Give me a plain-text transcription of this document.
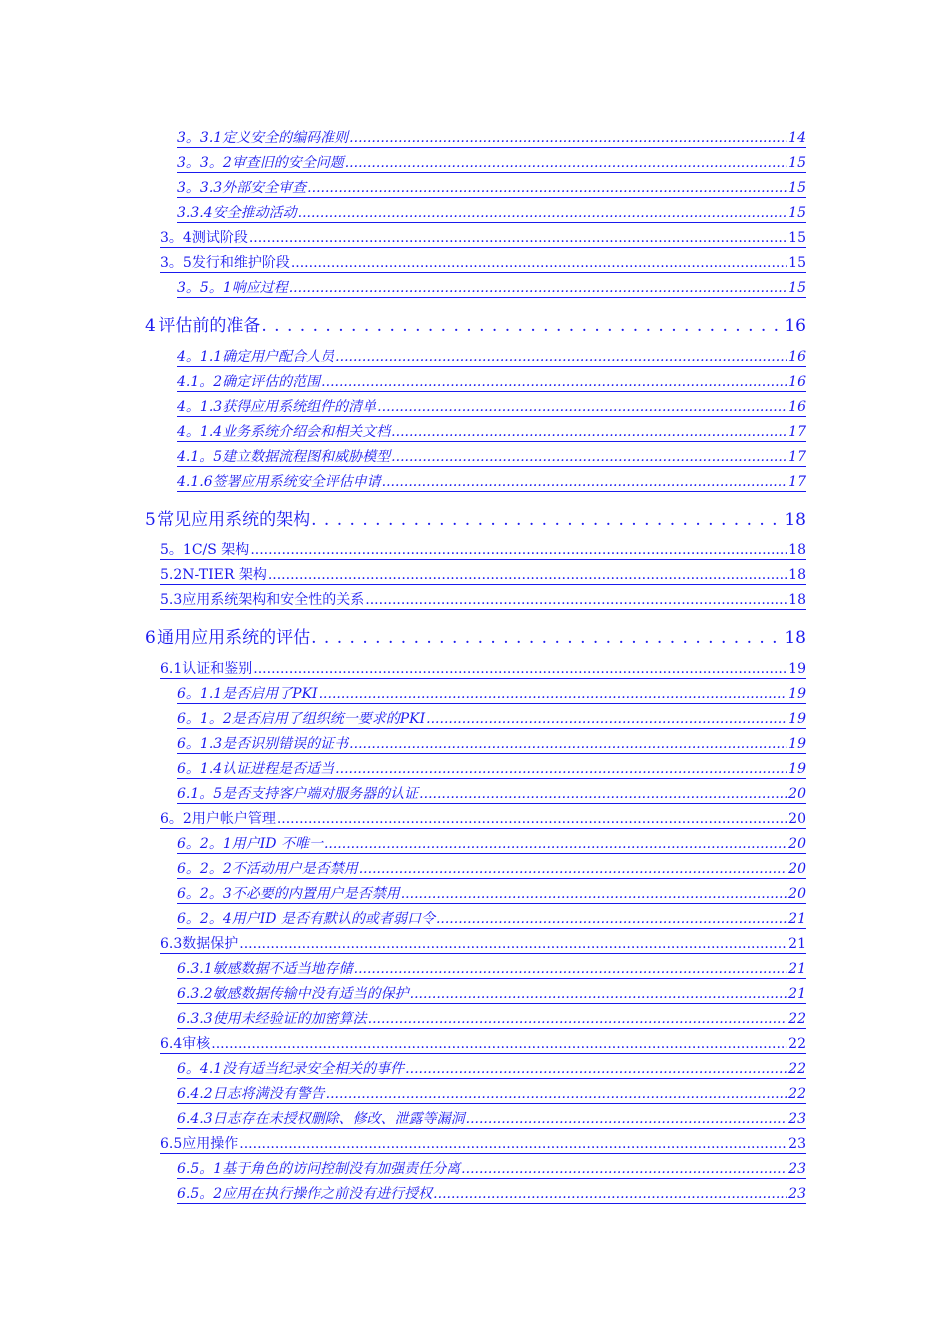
3。3.1 定义安全的编码准则 .....	14
3。3。2 审查旧的安全问题 .....	15
3。3.3 外部安全审查 .....	15
3.3.4 安全推动活动 .....	15
3。4 测试阶段 .....	15
3。5 发行和维护阶段 .....	15
3。5。1 响应过程 .....	15
4 评估前的准备 . . .	16
4。1.1 确定用户配合人员 .....	16
4.1。2 确定评估的范围 .....	16
4。1.3 获得应用系统组件的清单 .....	16
4。1.4 业务系统介绍会和相关文档 .....	17
4.1。5 建立数据流程图和威胁模型 .....	17
4.1.6 签署应用系统安全评估申请 .....	17
5 常见应用系统的架构 . . .	18
5。1 C/S 架构 .....	18
5.2 N-TIER 架构 .....	18
5.3 应用系统架构和安全性的关系 .....	18
6 通用应用系统的评估 . . .	18
6.1 认证和鉴别 .....	19
6。1.1 是否启用了PKI .....	19
6。1。2 是否启用了组织统一要求的PKI .....	19
6。1.3 是否识别错误的证书 .....	19
6。1.4 认证进程是否适当 .....	19
6.1。5 是否支持客户端对服务器的认证 .....	20
6。2 用户帐户管理 .....	20
6。2。1 用户ID 不唯一 .....	20
6。2。2 不活动用户是否禁用 .....	20
6。2。3 不必要的内置用户是否禁用 .....	20
6。2。4 用户ID 是否有默认的或者弱口令 .....	21
6.3 数据保护 .....	21
6.3.1 敏感数据不适当地存储 .....	21
6.3.2 敏感数据传输中没有适当的保护 .....	21
6.3.3 使用未经验证的加密算法 .....	22
6.4 审核 .....	22
6。4.1 没有适当纪录安全相关的事件 .....	22
6.4.2 日志将满没有警告 .....	22
6.4.3 日志存在未授权删除、修改、泄露等漏洞 .....	23
6.5 应用操作 .....	23
6.5。1 基于角色的访问控制没有加强责任分离 .....	23
6.5。2 应用在执行操作之前没有进行授权 .....	23
